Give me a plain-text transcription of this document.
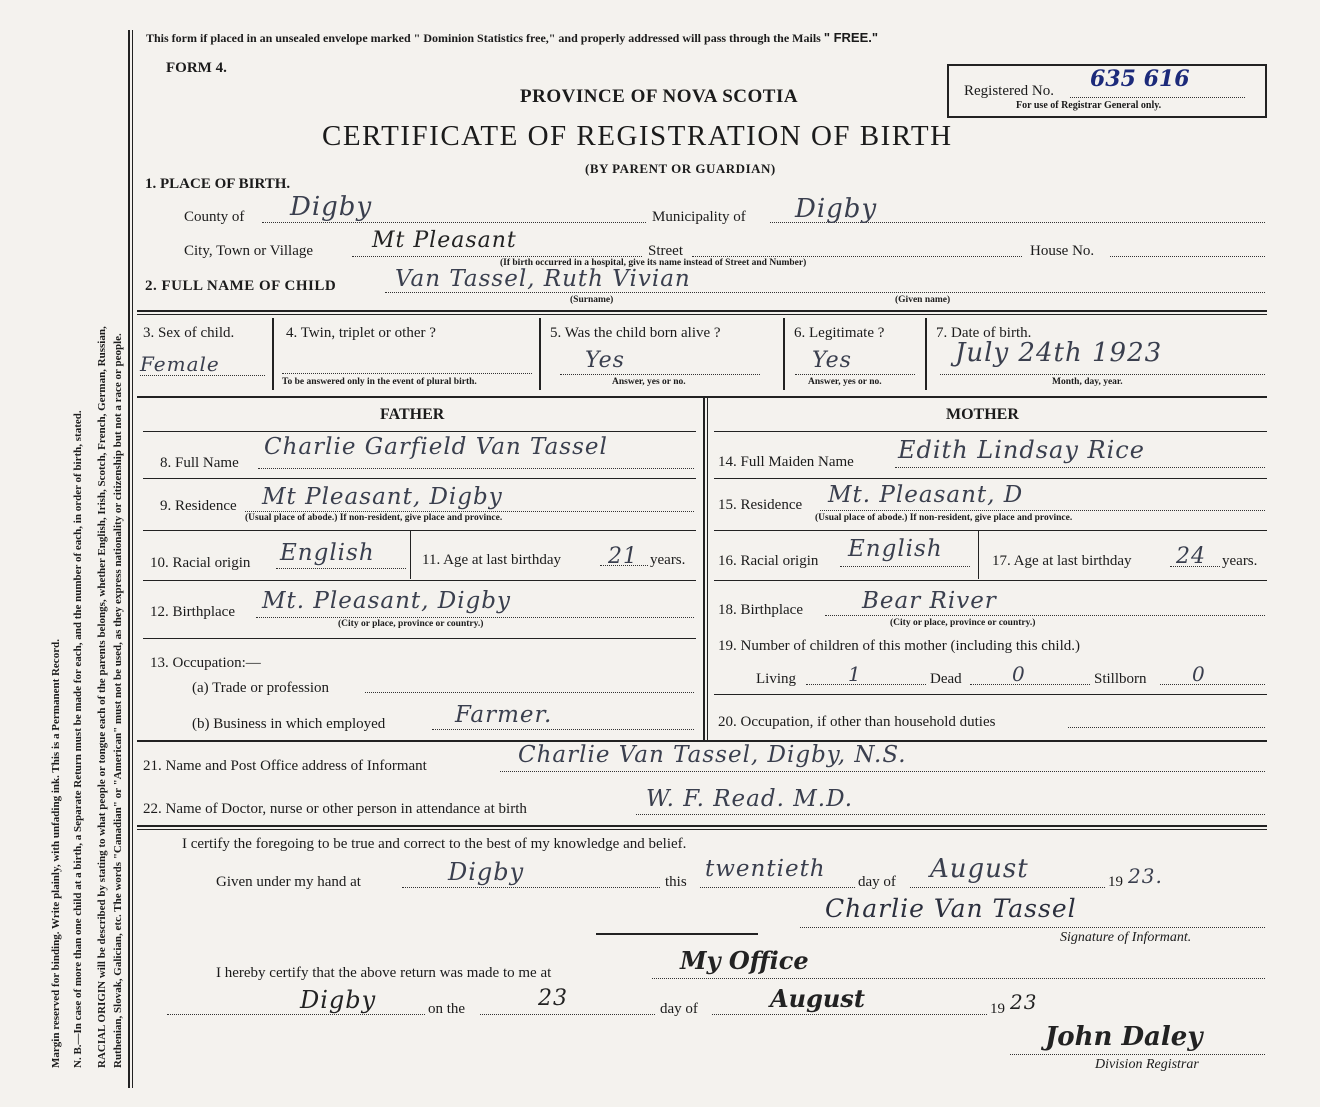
Margin reserved for binding. Write plainly, with unfading ink. This is a Permanent Record. N. B.—In case of more than one child at a birth, a Separate Return must be made for each, and the number of each, in order of birth, stated. RACIAL ORIGIN will be described by stating to what people or tongue each of the parents belongs, whether English, Irish, Scotch, French, German, Russian, Ruthenian, Slovak, Galician, etc. The words "Canadian" or "American" must not be used, as they express nationality or citizenship but not a race or people.
This form if placed in an unsealed envelope marked " Dominion Statistics free," and properly addressed will pass through the Mails " FREE."
FORM 4.
PROVINCE OF NOVA SCOTIA
CERTIFICATE OF REGISTRATION OF BIRTH
(BY PARENT OR GUARDIAN)
Registered No. 635 616
For use of Registrar General only.
1. PLACE OF BIRTH.
County of Digby	Municipality of Digby
City, Town or Village	Mt Pleasant	Street	House No.
(If birth occurred in a hospital, give its name instead of Street and Number)
2. FULL NAME OF CHILD	Van Tassel, Ruth Vivian
(Surname)	(Given name)
3. Sex of child.
Female
4. Twin, triplet or other ?
To be answered only in the event of plural birth.
5. Was the child born alive ?
Yes
Answer, yes or no.
6. Legitimate ?
Yes
Answer, yes or no.
7. Date of birth.
July 24th 1923
Month, day, year.
FATHER	MOTHER
8. Full Name
Charlie Garfield Van Tassel
9. Residence Mt Pleasant, Digby
(Usual place of abode.) If non-resident, give place and province.
10. Racial origin English	11. Age at last birthday 21 years.
12. Birthplace Mt. Pleasant, Digby
(City or place, province or country.)
13. Occupation:—
(a) Trade or profession
(b) Business in which employed	Farmer.
14. Full Maiden Name Edith Lindsay Rice
15. Residence Mt. Pleasant, D
(Usual place of abode.) If non-resident, give place and province.
16. Racial origin English	17. Age at last birthday 24 years.
18. Birthplace	Bear River
(City or place, province or country.)
19. Number of children of this mother (including this child.)
Living	1	Dead	0	Stillborn 0
20. Occupation, if other than household duties
21. Name and Post Office address of Informant	Charlie Van Tassel, Digby, N.S.
22. Name of Doctor, nurse or other person in attendance at birth	W. F. Read. M.D.
I certify the foregoing to be true and correct to the best of my knowledge and belief.
Given under my hand at	Digby	this twentieth day of August	19 23.
Charlie Van Tassel
Signature of Informant.
I hereby certify that the above return was made to me at	My Office
Digby	on the	23	day of	August	19 23
John Daley
Division Registrar
